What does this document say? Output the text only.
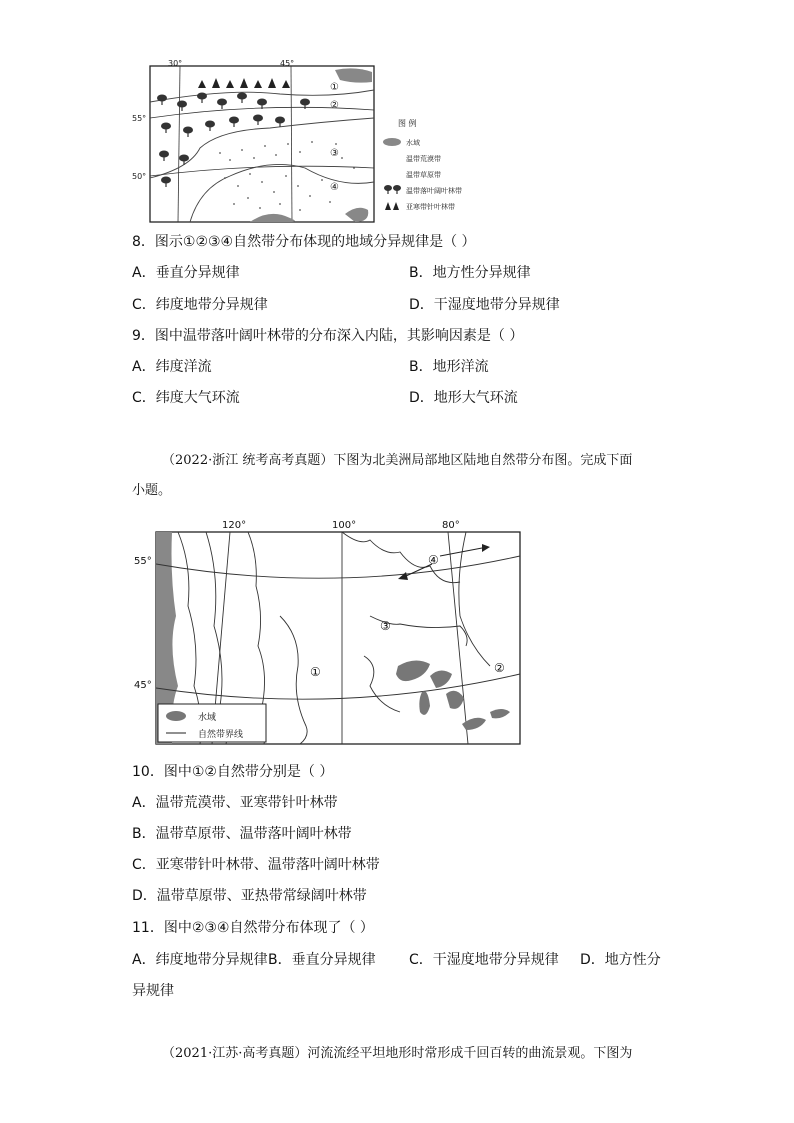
30°	45°
55°
50°
①
②
③
④
图 例
水域
温带荒漠带
温带草原带
温带落叶阔叶林带
亚寒带针叶林带
8．图示①②③④自然带分布体现的地域分异规律是（ ）
A．垂直分异规律	B．地方性分异规律
C．纬度地带分异规律	D．干湿度地带分异规律
9．图中温带落叶阔叶林带的分布深入内陆，其影响因素是（ ）
A．纬度洋流	B．地形洋流
C．纬度大气环流	D．地形大气环流
（2022·浙江 统考高考真题）下图为北美洲局部地区陆地自然带分布图。完成下面
小题。
120°	100°	80°
55°
45°
①	②
③
④
水域
自然带界线
10．图中①②自然带分别是（ ）
A．温带荒漠带、亚寒带针叶林带
B．温带草原带、温带落叶阔叶林带
C．亚寒带针叶林带、温带落叶阔叶林带
D．温带草原带、亚热带常绿阔叶林带
11．图中②③④自然带分布体现了（ ）
A．纬度地带分异规律 B．垂直分异规律 C．干湿度地带分异规律 D．地方性分
异规律
（2021·江苏·高考真题）河流流经平坦地形时常形成千回百转的曲流景观。下图为
